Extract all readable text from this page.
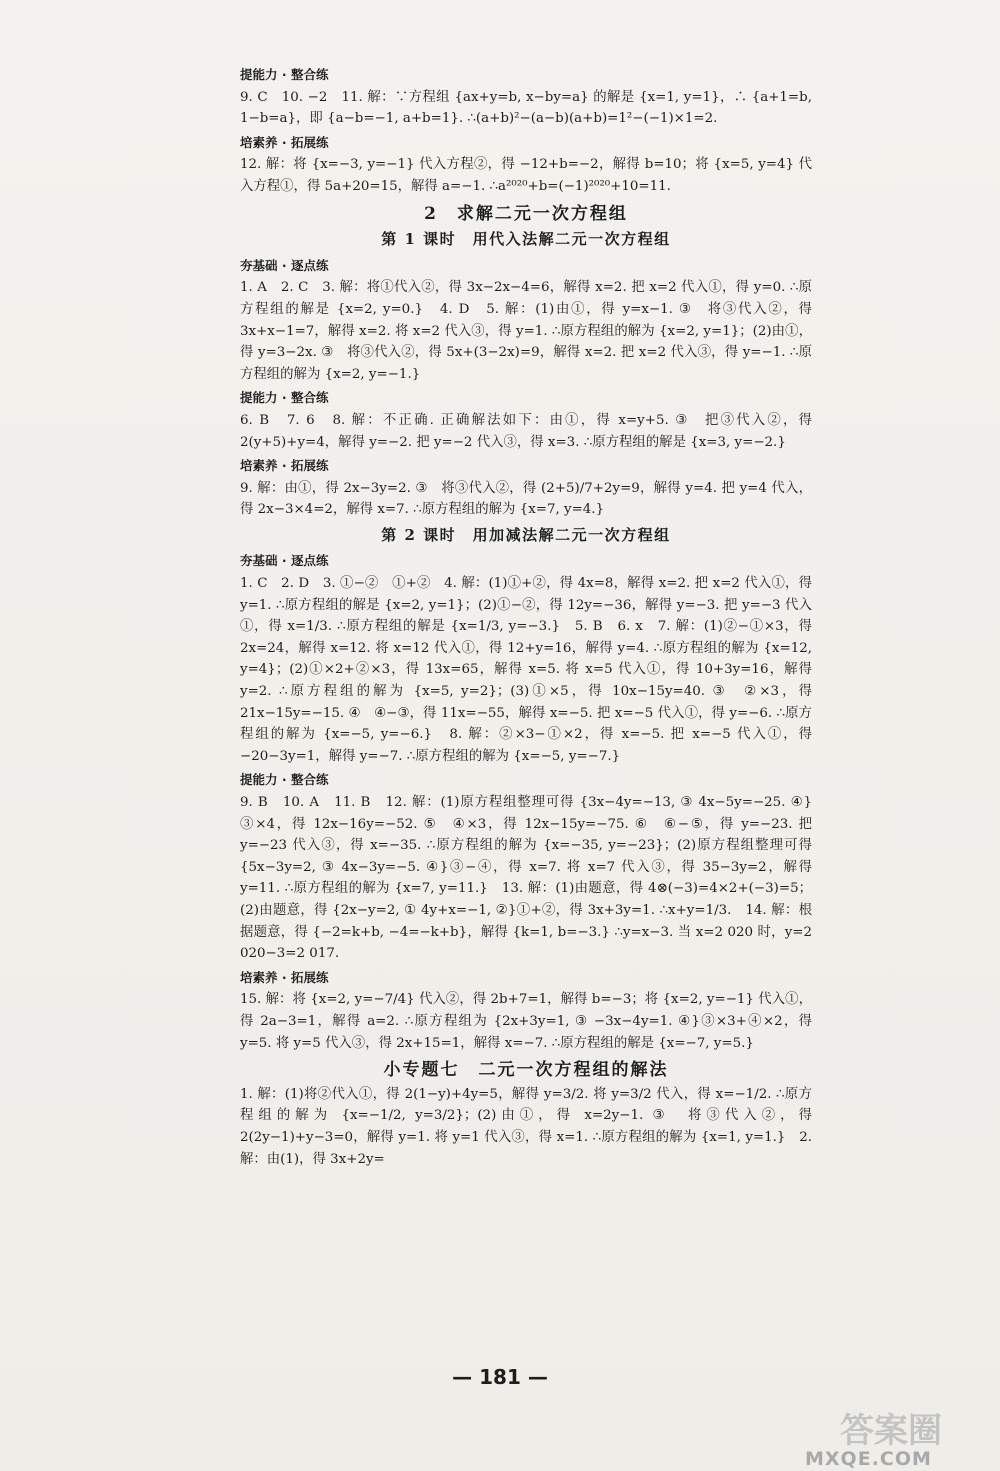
提能力 · 整合练

9. C　10. −2　11. 解：∵方程组 {ax+y=b, x−by=a} 的解是 {x=1, y=1}，∴ {a+1=b, 1−b=a}，即 {a−b=−1, a+b=1}. ∴(a+b)²−(a−b)(a+b)=1²−(−1)×1=2.

培素养 · 拓展练

12. 解：将 {x=−3, y=−1} 代入方程②，得 −12+b=−2，解得 b=10；将 {x=5, y=4} 代入方程①，得 5a+20=15，解得 a=−1. ∴a²⁰²⁰+b=(−1)²⁰²⁰+10=11.

2　求解二元一次方程组
第 1 课时　用代入法解二元一次方程组
夯基础 · 逐点练

1. A　2. C　3. 解：将①代入②，得 3x−2x−4=6，解得 x=2. 把 x=2 代入①，得 y=0. ∴原方程组的解是 {x=2, y=0.}　4. D　5. 解：(1)由①，得 y=x−1. ③　将③代入②，得 3x+x−1=7，解得 x=2. 将 x=2 代入③，得 y=1. ∴原方程组的解为 {x=2, y=1}；(2)由①，得 y=3−2x. ③　将③代入②，得 5x+(3−2x)=9，解得 x=2. 把 x=2 代入③，得 y=−1. ∴原方程组的解为 {x=2, y=−1.}

提能力 · 整合练

6. B　7. 6　8. 解：不正确. 正确解法如下：由①，得 x=y+5. ③　把③代入②，得 2(y+5)+y=4，解得 y=−2. 把 y=−2 代入③，得 x=3. ∴原方程组的解是 {x=3, y=−2.}

培素养 · 拓展练

9. 解：由①，得 2x−3y=2. ③　将③代入②，得 (2+5)/7+2y=9，解得 y=4. 把 y=4 代入，得 2x−3×4=2，解得 x=7. ∴原方程组的解为 {x=7, y=4.}

第 2 课时　用加减法解二元一次方程组
夯基础 · 逐点练

1. C　2. D　3. ①−②　①+②　4. 解：(1)①+②，得 4x=8，解得 x=2. 把 x=2 代入①，得 y=1. ∴原方程组的解是 {x=2, y=1}；(2)①−②，得 12y=−36，解得 y=−3. 把 y=−3 代入①，得 x=1/3. ∴原方程组的解是 {x=1/3, y=−3.}　5. B　6. x　7. 解：(1)②−①×3，得 2x=24，解得 x=12. 将 x=12 代入①，得 12+y=16，解得 y=4. ∴原方程组的解为 {x=12, y=4}；(2)①×2+②×3，得 13x=65，解得 x=5. 将 x=5 代入①，得 10+3y=16，解得 y=2. ∴原方程组的解为 {x=5, y=2}；(3)①×5，得 10x−15y=40. ③　②×3，得 21x−15y=−15. ④　④−③，得 11x=−55，解得 x=−5. 把 x=−5 代入①，得 y=−6. ∴原方程组的解为 {x=−5, y=−6.}　8. 解：②×3−①×2，得 x=−5. 把 x=−5 代入①，得 −20−3y=1，解得 y=−7. ∴原方程组的解为 {x=−5, y=−7.}

提能力 · 整合练

9. B　10. A　11. B　12. 解：(1)原方程组整理可得 {3x−4y=−13, ③ 4x−5y=−25. ④}③×4，得 12x−16y=−52. ⑤　④×3，得 12x−15y=−75. ⑥　⑥−⑤，得 y=−23. 把 y=−23 代入③，得 x=−35. ∴原方程组的解为 {x=−35, y=−23}；(2)原方程组整理可得 {5x−3y=2, ③ 4x−3y=−5. ④}③−④，得 x=7. 将 x=7 代入③，得 35−3y=2，解得 y=11. ∴原方程组的解为 {x=7, y=11.}　13. 解：(1)由题意，得 4⊗(−3)=4×2+(−3)=5；(2)由题意，得 {2x−y=2, ① 4y+x=−1, ②}①+②，得 3x+3y=1. ∴x+y=1/3.　14. 解：根据题意，得 {−2=k+b, −4=−k+b}，解得 {k=1, b=−3.} ∴y=x−3. 当 x=2 020 时，y=2 020−3=2 017.

培素养 · 拓展练

15. 解：将 {x=2, y=−7/4} 代入②，得 2b+7=1，解得 b=−3；将 {x=2, y=−1} 代入①，得 2a−3=1，解得 a=2. ∴原方程组为 {2x+3y=1, ③ −3x−4y=1. ④}③×3+④×2，得 y=5. 将 y=5 代入③，得 2x+15=1，解得 x=−7. ∴原方程组的解是 {x=−7, y=5.}

小专题七　二元一次方程组的解法

1. 解：(1)将②代入①，得 2(1−y)+4y=5，解得 y=3/2. 将 y=3/2 代入，得 x=−1/2. ∴原方程组的解为 {x=−1/2, y=3/2}；(2)由①，得 x=2y−1. ③　将③代入②，得 2(2y−1)+y−3=0，解得 y=1. 将 y=1 代入③，得 x=1. ∴原方程组的解为 {x=1, y=1.}　2. 解：由(1)，得 3x+2y=

— 181 —
答案圈
MXQE.COM
